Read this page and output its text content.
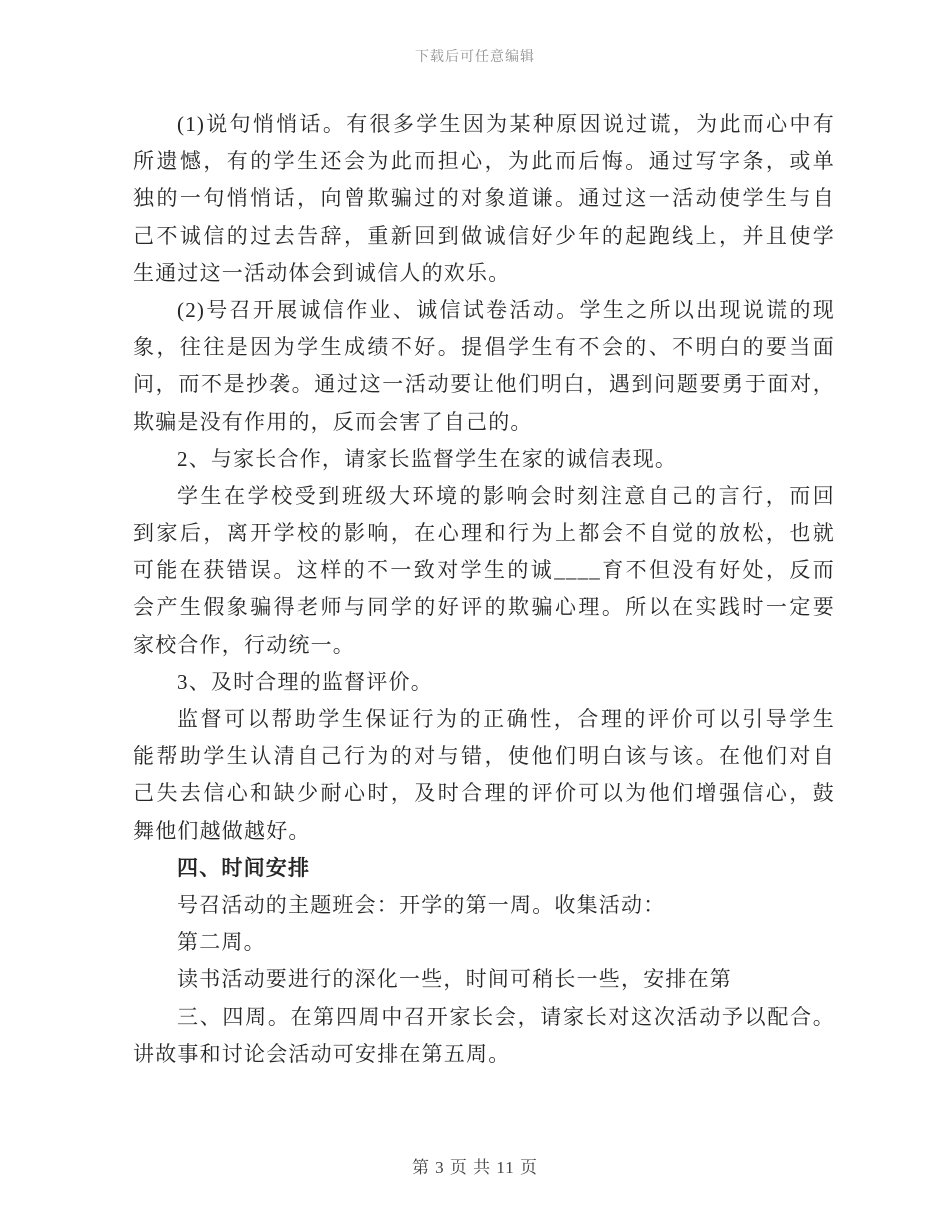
下载后可任意编辑
(1)说句悄悄话。有很多学生因为某种原因说过谎，为此而心中有
所遗憾，有的学生还会为此而担心，为此而后悔。通过写字条，或单
独的一句悄悄话，向曾欺骗过的对象道谦。通过这一活动使学生与自
己不诚信的过去告辞，重新回到做诚信好少年的起跑线上，并且使学
生通过这一活动体会到诚信人的欢乐。
(2)号召开展诚信作业、诚信试卷活动。学生之所以出现说谎的现
象，往往是因为学生成绩不好。提倡学生有不会的、不明白的要当面
问，而不是抄袭。通过这一活动要让他们明白，遇到问题要勇于面对，
欺骗是没有作用的，反而会害了自己的。
2、与家长合作，请家长监督学生在家的诚信表现。
学生在学校受到班级大环境的影响会时刻注意自己的言行，而回
到家后，离开学校的影响，在心理和行为上都会不自觉的放松，也就
可能在获错误。这样的不一致对学生的诚____育不但没有好处，反而
会产生假象骗得老师与同学的好评的欺骗心理。所以在实践时一定要
家校合作，行动统一。
3、及时合理的监督评价。
监督可以帮助学生保证行为的正确性，合理的评价可以引导学生
能帮助学生认清自己行为的对与错，使他们明白该与该。在他们对自
己失去信心和缺少耐心时，及时合理的评价可以为他们增强信心，鼓
舞他们越做越好。
四、时间安排
号召活动的主题班会：开学的第一周。收集活动：
第二周。
读书活动要进行的深化一些，时间可稍长一些，安排在第
三、四周。在第四周中召开家长会，请家长对这次活动予以配合。
讲故事和讨论会活动可安排在第五周。
第 3 页 共 11 页
